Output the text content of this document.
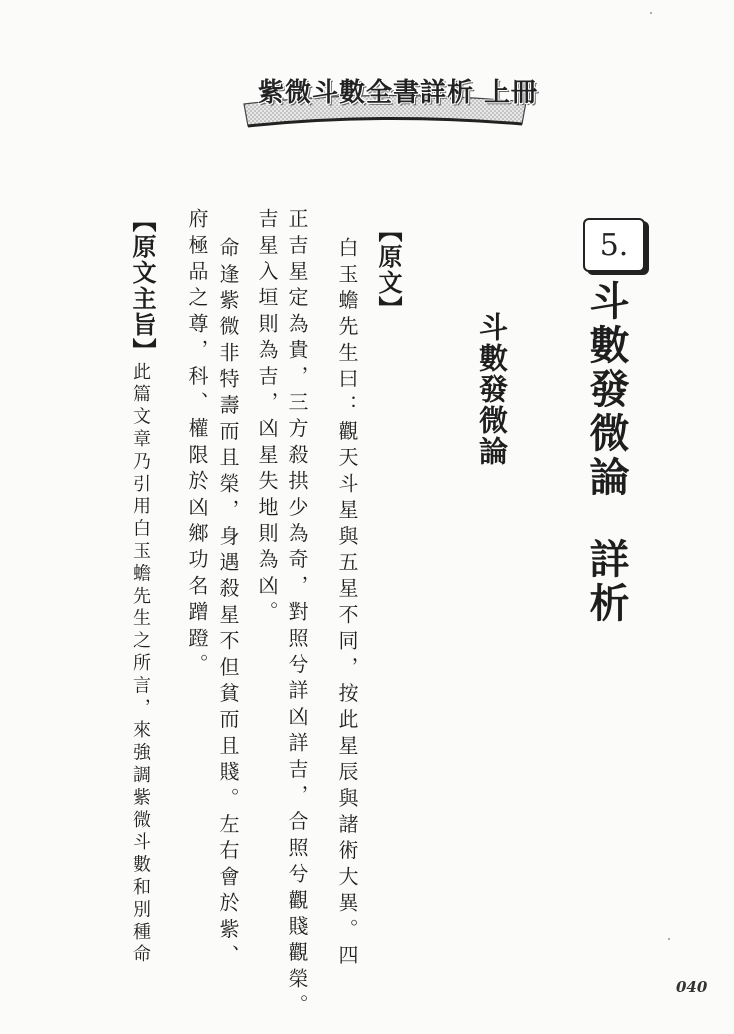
紫微斗數全書詳析 上冊
5.
斗數發微論詳析
斗數發微論
【原文】
白玉蟾先生曰：觀天斗星與五星不同，按此星辰與諸術大異。四
正吉星定為貴，三方殺拱少為奇，對照兮詳凶詳吉，合照兮觀賤觀榮。
吉星入垣則為吉，凶星失地則為凶。
命逢紫微非特壽而且榮，身遇殺星不但貧而且賤。左右會於紫、
府極品之尊，科、權限於凶鄉功名蹭蹬。
【原文主旨】
此篇文章乃引用白玉蟾先生之所言，來強調紫微斗數和別種命
040
